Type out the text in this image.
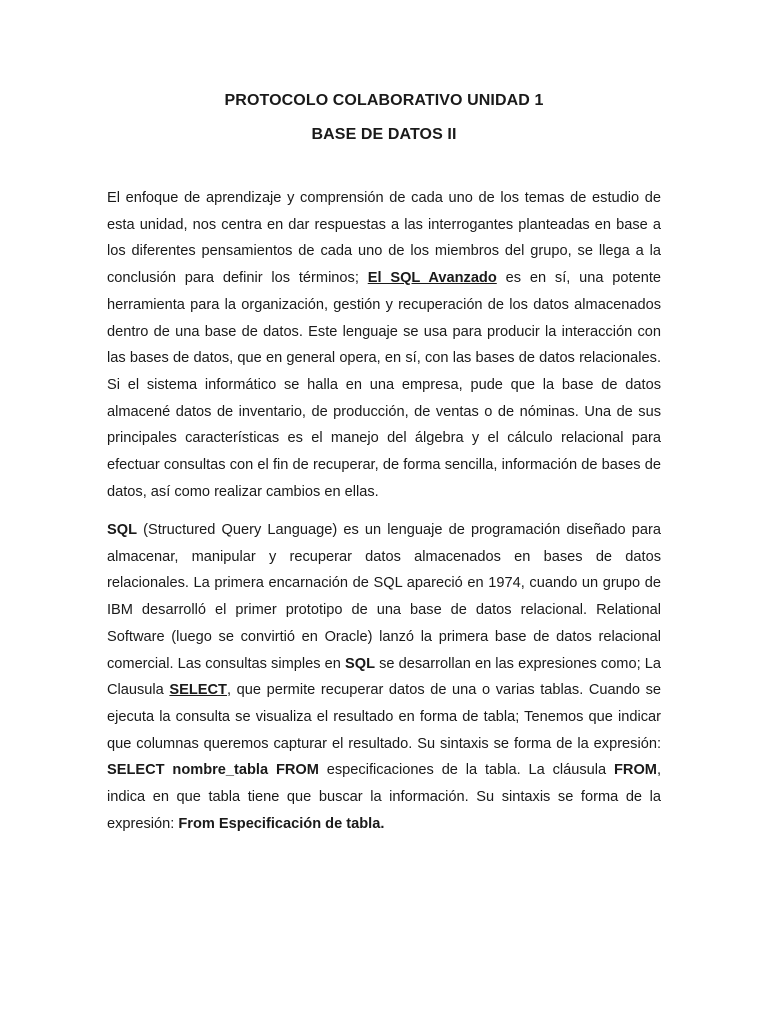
PROTOCOLO COLABORATIVO UNIDAD 1
BASE DE DATOS II

El enfoque de aprendizaje y comprensión de cada uno de los temas de estudio de esta unidad, nos centra en dar respuestas a las interrogantes planteadas en base a los diferentes pensamientos de cada uno de los miembros del grupo, se llega a la conclusión para definir los términos; El SQL Avanzado es en sí, una potente herramienta para la organización, gestión y recuperación de los datos almacenados dentro de una base de datos. Este lenguaje se usa para producir la interacción con las bases de datos, que en general opera, en sí, con las bases de datos relacionales. Si el sistema informático se halla en una empresa, pude que la base de datos almacené datos de inventario, de producción, de ventas o de nóminas. Una de sus principales características es el manejo del álgebra y el cálculo relacional para efectuar consultas con el fin de recuperar, de forma sencilla, información de bases de datos, así como realizar cambios en ellas.

SQL (Structured Query Language) es un lenguaje de programación diseñado para almacenar, manipular y recuperar datos almacenados en bases de datos relacionales. La primera encarnación de SQL apareció en 1974, cuando un grupo de IBM desarrolló el primer prototipo de una base de datos relacional. Relational Software (luego se convirtió en Oracle) lanzó la primera base de datos relacional comercial. Las consultas simples en SQL se desarrollan en las expresiones como; La Clausula SELECT, que permite recuperar datos de una o varias tablas. Cuando se ejecuta la consulta se visualiza el resultado en forma de tabla; Tenemos que indicar que columnas queremos capturar el resultado. Su sintaxis se forma de la expresión: SELECT nombre_tabla FROM especificaciones de la tabla. La cláusula FROM, indica en que tabla tiene que buscar la información. Su sintaxis se forma de la expresión: From Especificación de tabla.
